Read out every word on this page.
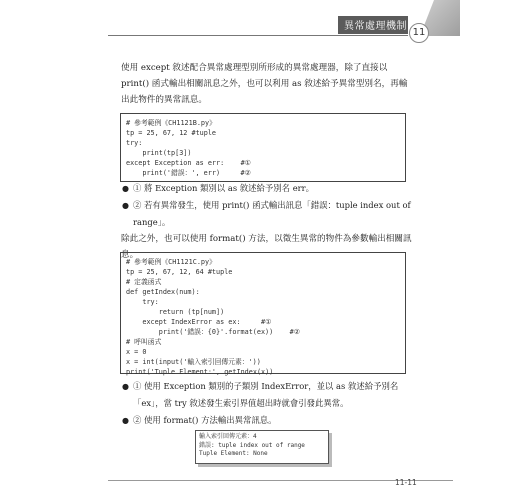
異常處理機制
11
使用 except 敘述配合異常處理型別所形成的異常處理器，除了直接以 print() 函式輸出相關訊息之外，也可以利用 as 敘述給予異常型別名，再輸出此物件的異常訊息。
# 參考範例《CH1121B.py》
tp = 25, 67, 12 #tuple
try:
print(tp[3])
except Exception as err:    #①
print('錯誤：', err)     #②
● ① 將 Exception 類別以 as 敘述給予別名 err。
● ② 若有異常發生，使用 print() 函式輸出訊息「錯誤：tuple index out of range」。
除此之外，也可以使用 format() 方法，以徵生異常的物件為參數輸出相關訊息。
# 參考範例《CH1121C.py》
tp = 25, 67, 12, 64 #tuple
# 定義函式
def getIndex(num):
try:
return (tp[num])
except IndexError as ex:     #①
print('錯誤：{0}'.format(ex))    #②
# 呼叫函式
x = 0
x = int(input('輸入索引回傳元素：'))
print('Tuple Element:', getIndex(x))
● ① 使用 Exception 類別的子類別 IndexError，並以 as 敘述給予別名「ex」，當 try 敘述發生索引界值超出時就會引發此異常。
● ② 使用 format() 方法輸出異常訊息。
輸入索引回傳元素：4
錯誤: tuple index out of range
Tuple Element: None
11-11
